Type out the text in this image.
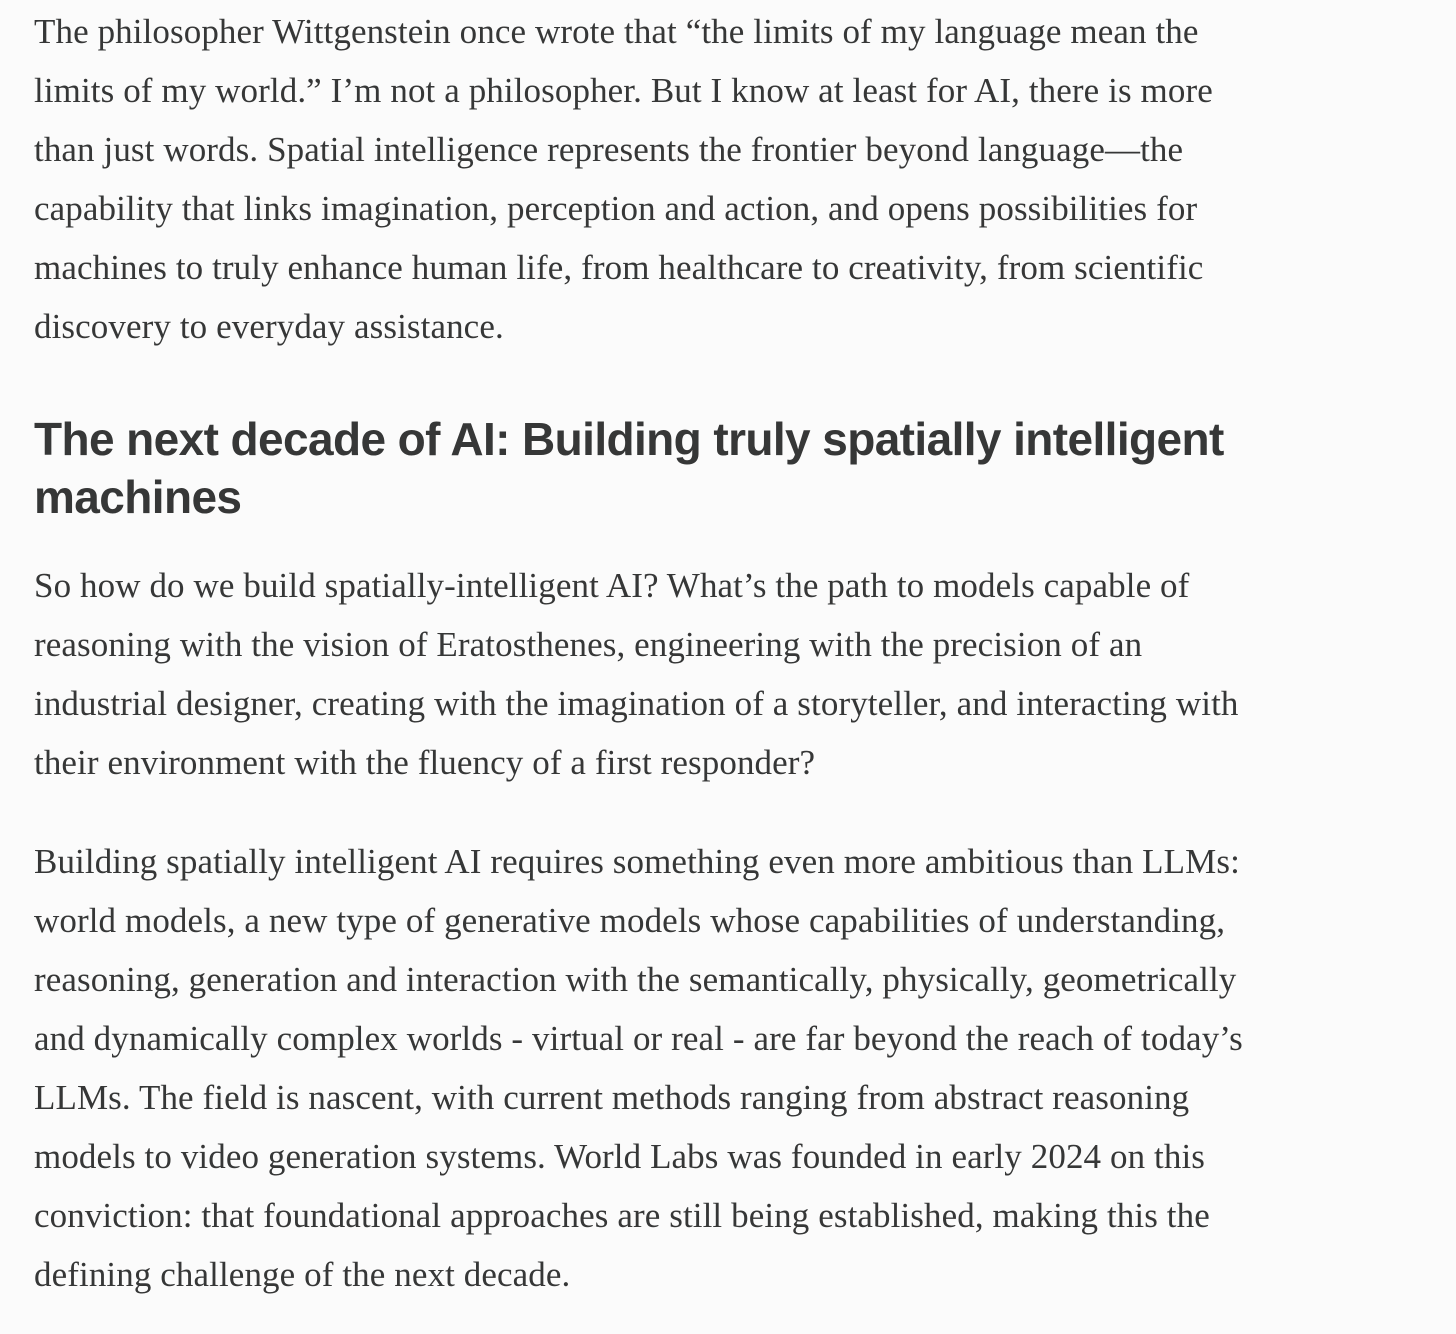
The philosopher Wittgenstein once wrote that “the limits of my language mean the
limits of my world.” I’m not a philosopher. But I know at least for AI, there is more
than just words. Spatial intelligence represents the frontier beyond language—the
capability that links imagination, perception and action, and opens possibilities for
machines to truly enhance human life, from healthcare to creativity, from scientific
discovery to everyday assistance.

The next decade of AI: Building truly spatially intelligent
machines

So how do we build spatially-intelligent AI? What’s the path to models capable of
reasoning with the vision of Eratosthenes, engineering with the precision of an
industrial designer, creating with the imagination of a storyteller, and interacting with
their environment with the fluency of a first responder?

Building spatially intelligent AI requires something even more ambitious than LLMs:
world models, a new type of generative models whose capabilities of understanding,
reasoning, generation and interaction with the semantically, physically, geometrically
and dynamically complex worlds - virtual or real - are far beyond the reach of today’s
LLMs. The field is nascent, with current methods ranging from abstract reasoning
models to video generation systems. World Labs was founded in early 2024 on this
conviction: that foundational approaches are still being established, making this the
defining challenge of the next decade.
